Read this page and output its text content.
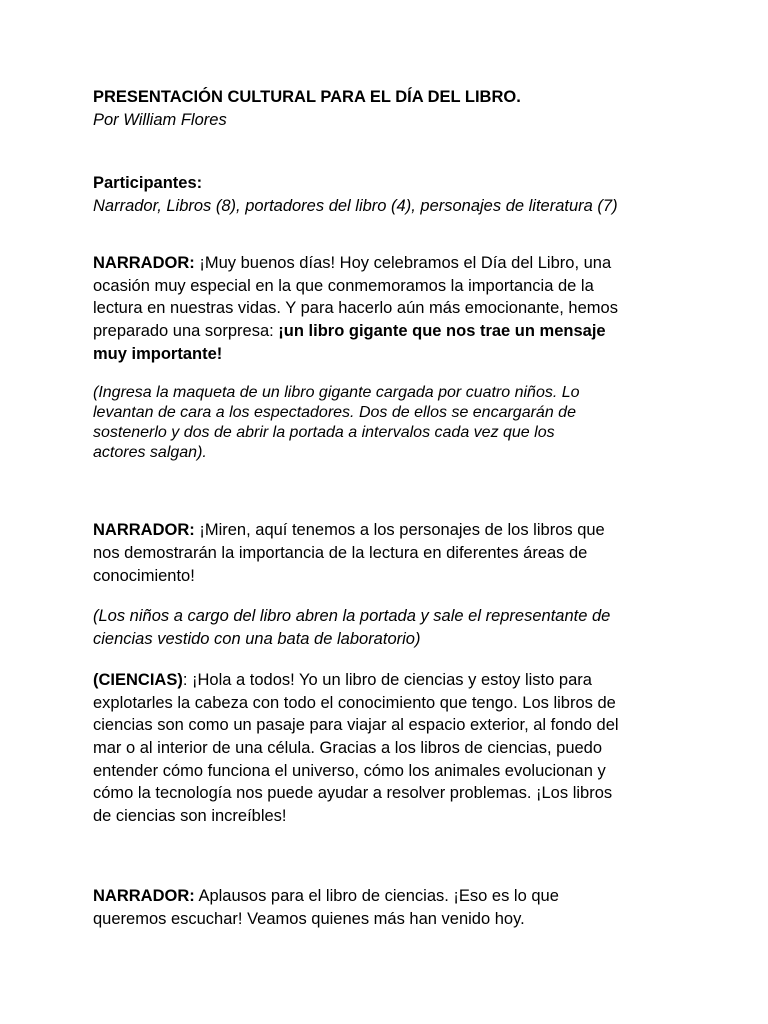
PRESENTACIÓN CULTURAL PARA EL DÍA DEL LIBRO.
Por William Flores
Participantes:
Narrador, Libros (8), portadores del libro (4), personajes de literatura (7)
NARRADOR: ¡Muy buenos días! Hoy celebramos el Día del Libro, una
ocasión muy especial en la que conmemoramos la importancia de la
lectura en nuestras vidas. Y para hacerlo aún más emocionante, hemos
preparado una sorpresa: ¡un libro gigante que nos trae un mensaje
muy importante!
(Ingresa la maqueta de un libro gigante cargada por cuatro niños. Lo
levantan de cara a los espectadores. Dos de ellos se encargarán de
sostenerlo y dos de abrir la portada a intervalos cada vez que los
actores salgan).
NARRADOR: ¡Miren, aquí tenemos a los personajes de los libros que
nos demostrarán la importancia de la lectura en diferentes áreas de
conocimiento!
(Los niños a cargo del libro abren la portada y sale el representante de
ciencias vestido con una bata de laboratorio)
(CIENCIAS): ¡Hola a todos! Yo un libro de ciencias y estoy listo para
explotarles la cabeza con todo el conocimiento que tengo. Los libros de
ciencias son como un pasaje para viajar al espacio exterior, al fondo del
mar o al interior de una célula. Gracias a los libros de ciencias, puedo
entender cómo funciona el universo, cómo los animales evolucionan y
cómo la tecnología nos puede ayudar a resolver problemas. ¡Los libros
de ciencias son increíbles!
NARRADOR: Aplausos para el libro de ciencias. ¡Eso es lo que
queremos escuchar! Veamos quienes más han venido hoy.
